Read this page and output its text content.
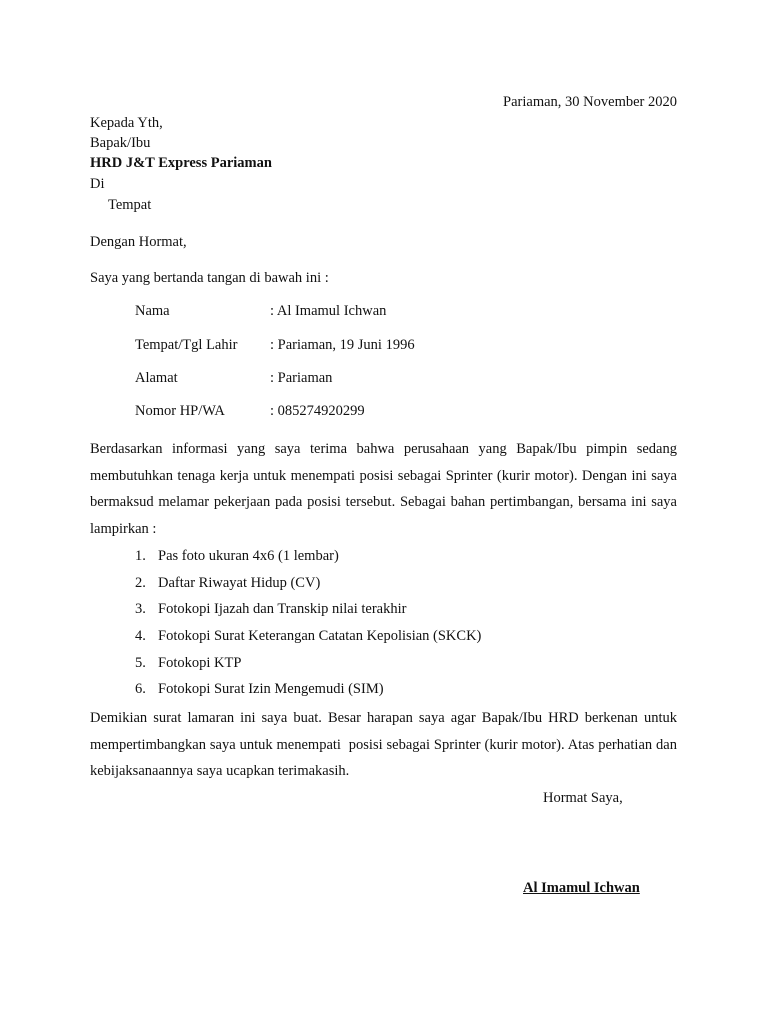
Pariaman, 30 November 2020
Kepada Yth,
Bapak/Ibu
HRD J&T Express Pariaman
Di
Tempat
Dengan Hormat,
Saya yang bertanda tangan di bawah ini :
Nama	: Al Imamul Ichwan
Tempat/Tgl Lahir : Pariaman, 19 Juni 1996
Alamat	: Pariaman
Nomor HP/WA	: 085274920299
Berdasarkan informasi yang saya terima bahwa perusahaan yang Bapak/Ibu pimpin sedang membutuhkan tenaga kerja untuk menempati posisi sebagai Sprinter (kurir motor). Dengan ini saya bermaksud melamar pekerjaan pada posisi tersebut. Sebagai bahan pertimbangan, bersama ini saya lampirkan :
1. Pas foto ukuran 4x6 (1 lembar)
2. Daftar Riwayat Hidup (CV)
3. Fotokopi Ijazah dan Transkip nilai terakhir
4. Fotokopi Surat Keterangan Catatan Kepolisian (SKCK)
5. Fotokopi KTP
6. Fotokopi Surat Izin Mengemudi (SIM)
Demikian surat lamaran ini saya buat. Besar harapan saya agar Bapak/Ibu HRD berkenan untuk mempertimbangkan saya untuk menempati  posisi sebagai Sprinter (kurir motor). Atas perhatian dan kebijaksanaannya saya ucapkan terimakasih.
Hormat Saya,
Al Imamul Ichwan
